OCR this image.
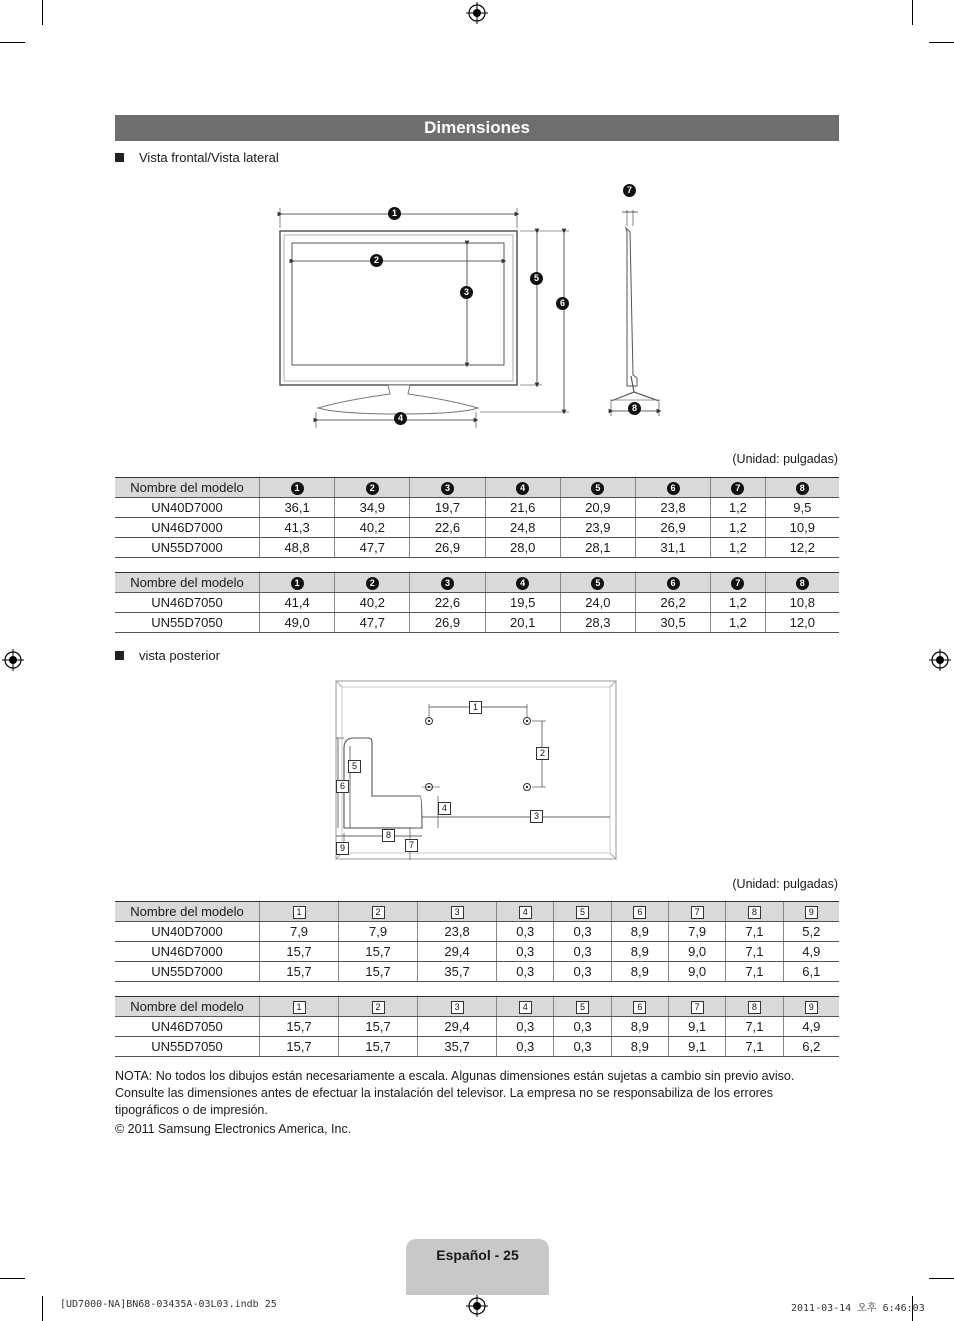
Dimensiones
Vista frontal/Vista lateral
1
2
3
4
5
6
7
8
(Unidad: pulgadas)
Nombre del modelo	1	2	3	4	5	6	7	8
UN40D7000	36,1	34,9	19,7	21,6	20,9	23,8	1,2	9,5
UN46D7000	41,3	40,2	22,6	24,8	23,9	26,9	1,2	10,9
UN55D7000	48,8	47,7	26,9	28,0	28,1	31,1	1,2	12,2
Nombre del modelo	1	2	3	4	5	6	7	8
UN46D7050	41,4	40,2	22,6	19,5	24,0	26,2	1,2	10,8
UN55D7050	49,0	47,7	26,9	20,1	28,3	30,5	1,2	12,0
vista posterior
1
2
3
4
5
6
7
8
9
(Unidad: pulgadas)
Nombre del modelo	1	2	3	4	5	6	7	8	9
UN40D7000	7,9	7,9	23,8	0,3	0,3	8,9	7,9	7,1	5,2
UN46D7000	15,7	15,7	29,4	0,3	0,3	8,9	9,0	7,1	4,9
UN55D7000	15,7	15,7	35,7	0,3	0,3	8,9	9,0	7,1	6,1
Nombre del modelo	1	2	3	4	5	6	7	8	9
UN46D7050	15,7	15,7	29,4	0,3	0,3	8,9	9,1	7,1	4,9
UN55D7050	15,7	15,7	35,7	0,3	0,3	8,9	9,1	7,1	6,2
NOTA: No todos los dibujos están necesariamente a escala. Algunas dimensiones están sujetas a cambio sin previo aviso. Consulte las dimensiones antes de efectuar la instalación del televisor. La empresa no se responsabiliza de los errores tipográficos o de impresión.
© 2011 Samsung Electronics America, Inc.
Español - 25
[UD7000-NA]BN68-03435A-03L03.indb 25	2011-03-14 오후 6:46:03
